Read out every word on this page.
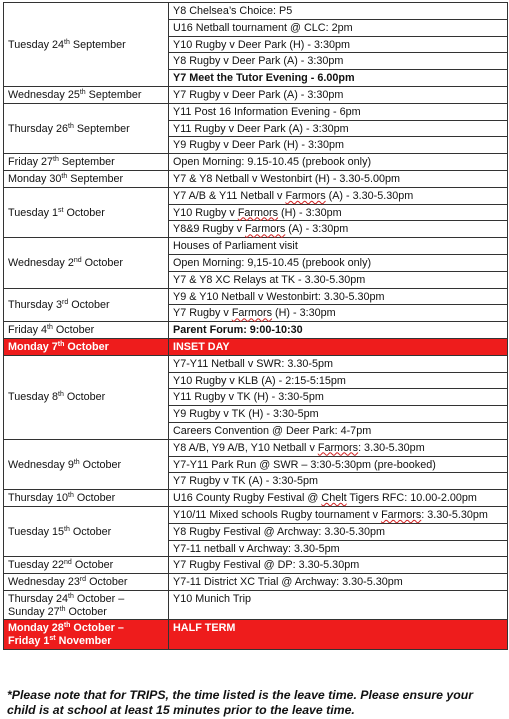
Tuesday 24th September	Y8 Chelsea’s Choice: P5
	U16 Netball tournament @ CLC: 2pm
	Y10 Rugby v Deer Park (H) - 3:30pm
	Y8 Rugby v Deer Park (A) - 3:30pm
	Y7 Meet the Tutor Evening - 6.00pm

Wednesday 25th September	Y7 Rugby v Deer Park (A) - 3:30pm

Thursday 26th September	Y11 Post 16 Information Evening - 6pm
	Y11 Rugby v Deer Park (A) - 3:30pm
	Y9 Rugby v Deer Park (H) - 3:30pm

Friday 27th September	Open Morning: 9.15-10.45 (prebook only)

Monday 30th September	Y7 & Y8 Netball v Westonbirt (H) - 3.30-5.00pm

Tuesday 1st October	Y7 A/B & Y11 Netball v Farmors (A) - 3.30-5.30pm
	Y10 Rugby v Farmors (H) - 3:30pm
	Y8&9 Rugby v Farmors (A) - 3:30pm

Wednesday 2nd October	Houses of Parliament visit
	Open Morning: 9,15-10.45 (prebook only)
	Y7 & Y8 XC Relays at TK - 3.30-5.30pm

Thursday 3rd October	Y9 & Y10 Netball v Westonbirt: 3.30-5.30pm
	Y7 Rugby v Farmors (H) - 3:30pm

Friday 4th October	Parent Forum: 9:00-10:30

Monday 7th October	INSET DAY

Tuesday 8th October	Y7-Y11 Netball v SWR: 3.30-5pm
	Y10 Rugby v KLB (A) - 2:15-5:15pm
	Y11 Rugby v TK (H) - 3:30-5pm
	Y9 Rugby v TK (H) - 3:30-5pm
	Careers Convention @ Deer Park: 4-7pm

Wednesday 9th October	Y8 A/B, Y9 A/B, Y10 Netball v Farmors: 3.30-5.30pm
	Y7-Y11 Park Run @ SWR – 3:30-5:30pm (pre-booked)
	Y7 Rugby v TK (A) - 3:30-5pm

Thursday 10th October	U16 County Rugby Festival @ Chelt Tigers RFC: 10.00-2.00pm

Tuesday 15th October	Y10/11 Mixed schools Rugby tournament v Farmors: 3.30-5.30pm
	Y8 Rugby Festival @ Archway: 3.30-5.30pm
	Y7-11 netball v Archway: 3.30-5pm

Tuesday 22nd October	Y7 Rugby Festival @ DP: 3.30-5.30pm

Wednesday 23rd October	Y7-11 District XC Trial @ Archway: 3.30-5.30pm

Thursday 24th October –
Sunday 27th October	Y10 Munich Trip

Monday 28th October –
Friday 1st November	HALF TERM
*Please note that for TRIPS, the time listed is the leave time. Please ensure your
child is at school at least 15 minutes prior to the leave time.
